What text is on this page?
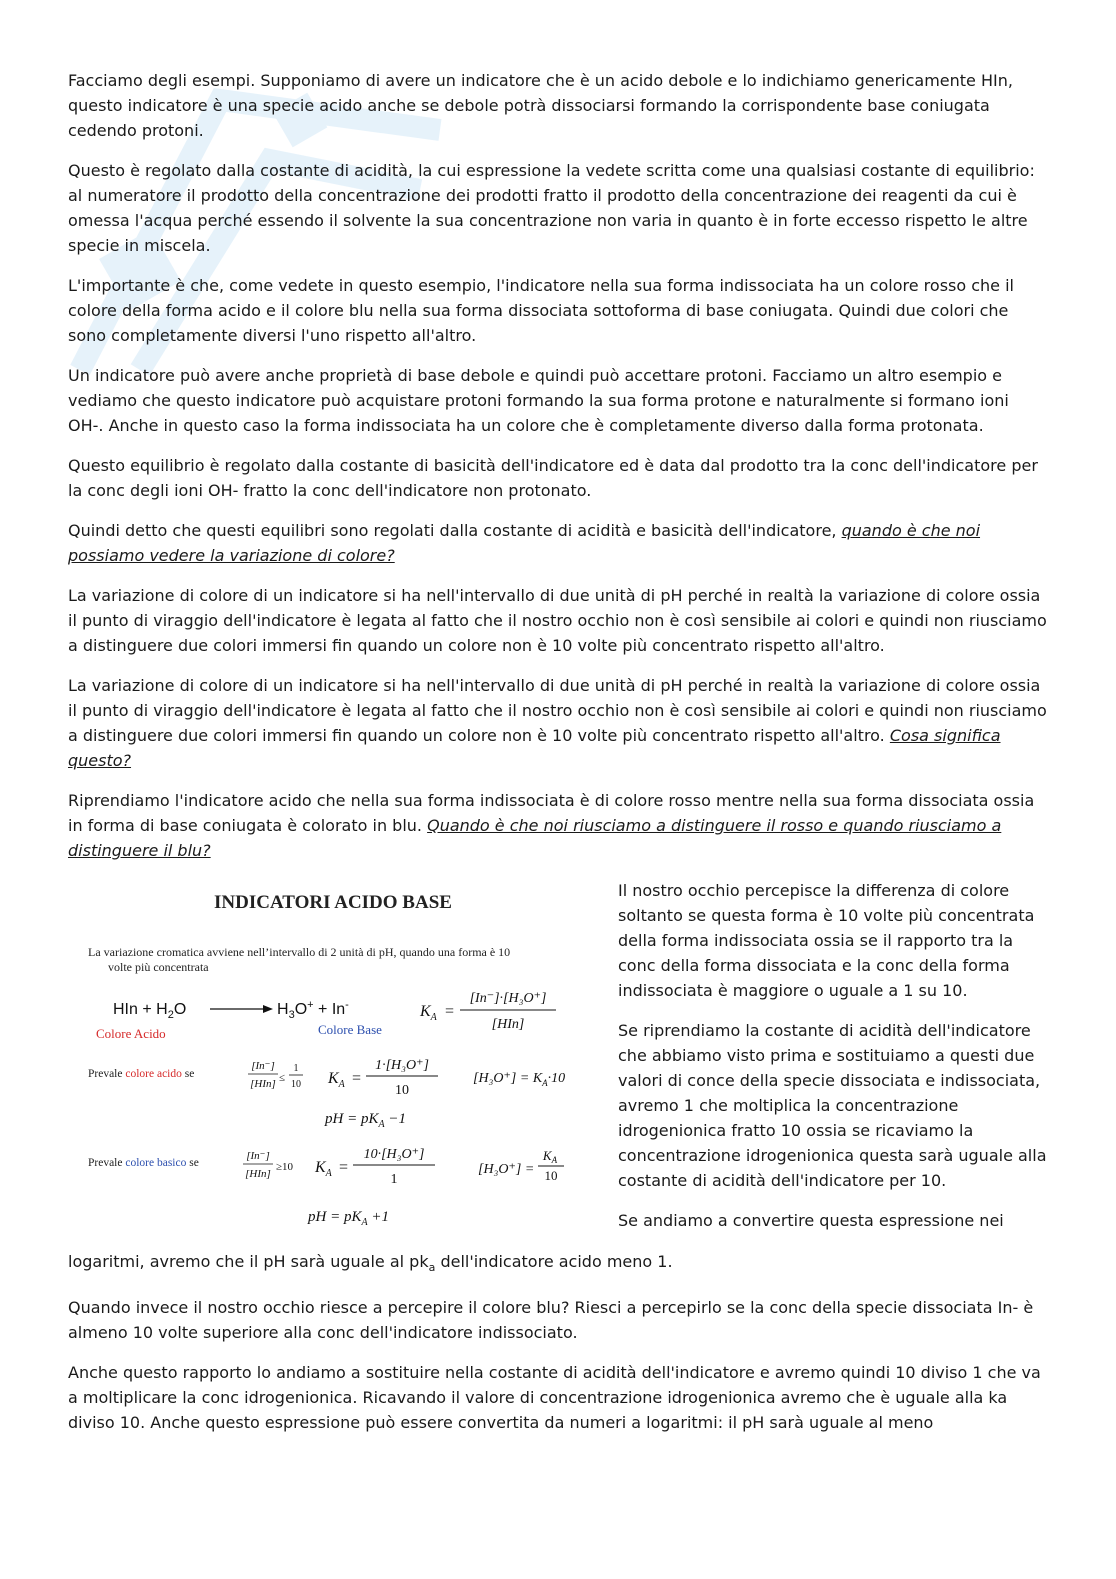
Facciamo degli esempi. Supponiamo di avere un indicatore che è un acido debole e lo indichiamo genericamente HIn, questo indicatore è una specie acido anche se debole potrà dissociarsi formando la corrispondente base coniugata cedendo protoni.

Questo è regolato dalla costante di acidità, la cui espressione la vedete scritta come una qualsiasi costante di equilibrio: al numeratore il prodotto della concentrazione dei prodotti fratto il prodotto della concentrazione dei reagenti da cui è omessa l'acqua perché essendo il solvente la sua concentrazione non varia in quanto è in forte eccesso rispetto le altre specie in miscela.

L'importante è che, come vedete in questo esempio, l'indicatore nella sua forma indissociata ha un colore rosso che il colore della forma acido e il colore blu nella sua forma dissociata sottoforma di base coniugata. Quindi due colori che sono completamente diversi l'uno rispetto all'altro.

Un indicatore può avere anche proprietà di base debole e quindi può accettare protoni. Facciamo un altro esempio e vediamo che questo indicatore può acquistare protoni formando la sua forma protone e naturalmente si formano ioni OH-. Anche in questo caso la forma indissociata ha un colore che è completamente diverso dalla forma protonata.

Questo equilibrio è regolato dalla costante di basicità dell'indicatore ed è data dal prodotto tra la conc dell'indicatore per la conc degli ioni OH- fratto la conc dell'indicatore non protonato.

Quindi detto che questi equilibri sono regolati dalla costante di acidità e basicità dell'indicatore, quando è che noi possiamo vedere la variazione di colore?

La variazione di colore di un indicatore si ha nell'intervallo di due unità di pH perché in realtà la variazione di colore ossia il punto di viraggio dell'indicatore è legata al fatto che il nostro occhio non è così sensibile ai colori e quindi non riusciamo a distinguere due colori immersi fin quando un colore non è 10 volte più concentrato rispetto all'altro.

La variazione di colore di un indicatore si ha nell'intervallo di due unità di pH perché in realtà la variazione di colore ossia il punto di viraggio dell'indicatore è legata al fatto che il nostro occhio non è così sensibile ai colori e quindi non riusciamo a distinguere due colori immersi fin quando un colore non è 10 volte più concentrato rispetto all'altro. Cosa significa questo?

Riprendiamo l'indicatore acido che nella sua forma indissociata è di colore rosso mentre nella sua forma dissociata ossia in forma di base coniugata è colorato in blu. Quando è che noi riusciamo a distinguere il rosso e quando riusciamo a distinguere il blu?

INDICATORI ACIDO BASE
La variazione cromatica avviene nell’intervallo di 2 unità di pH, quando una forma è 10
volte più concentrata
HIn + $H_2O$	$H_3O^+ + In^-$	$K_A$ =
[In⁻]·[H₃O⁺]
[HIn]
Colore Acido	Colore Base
Prevale colore acido se
[In⁻]
[HIn] ≤
1
10 $K_A$ =
1·[H₃O⁺]
10
$[H_3O^+] = K_A\cdot 10$
pH = $pK_A -1$
Prevale colore basico se
[In⁻]
[HIn]
≥10 $K_A$ =
10·[H₃O⁺]
1
[H₃O⁺] =
$K_A$
10
pH = $pK_A +1$

Il nostro occhio percepisce la differenza di colore soltanto se questa forma è 10 volte più concentrata della forma indissociata ossia se il rapporto tra la conc della forma dissociata e la conc della forma indissociata è maggiore o uguale a 1 su 10.

Se riprendiamo la costante di acidità dell'indicatore che abbiamo visto prima e sostituiamo a questi due valori di conce della specie dissociata e indissociata, avremo 1 che moltiplica la concentrazione idrogenionica fratto 10 ossia se ricaviamo la concentrazione idrogenionica questa sarà uguale alla costante di acidità dell'indicatore per 10.

Se andiamo a convertire questa espressione nei

logaritmi, avremo che il pH sarà uguale al $pk_a$ dell'indicatore acido meno 1.

Quando invece il nostro occhio riesce a percepire il colore blu? Riesci a percepirlo se la conc della specie dissociata In- è almeno 10 volte superiore alla conc dell'indicatore indissociato.

Anche questo rapporto lo andiamo a sostituire nella costante di acidità dell'indicatore e avremo quindi 10 diviso 1 che va a moltiplicare la conc idrogenionica. Ricavando il valore di concentrazione idrogenionica avremo che è uguale alla ka diviso 10. Anche questo espressione può essere convertita da numeri a logaritmi: il pH sarà uguale al meno
